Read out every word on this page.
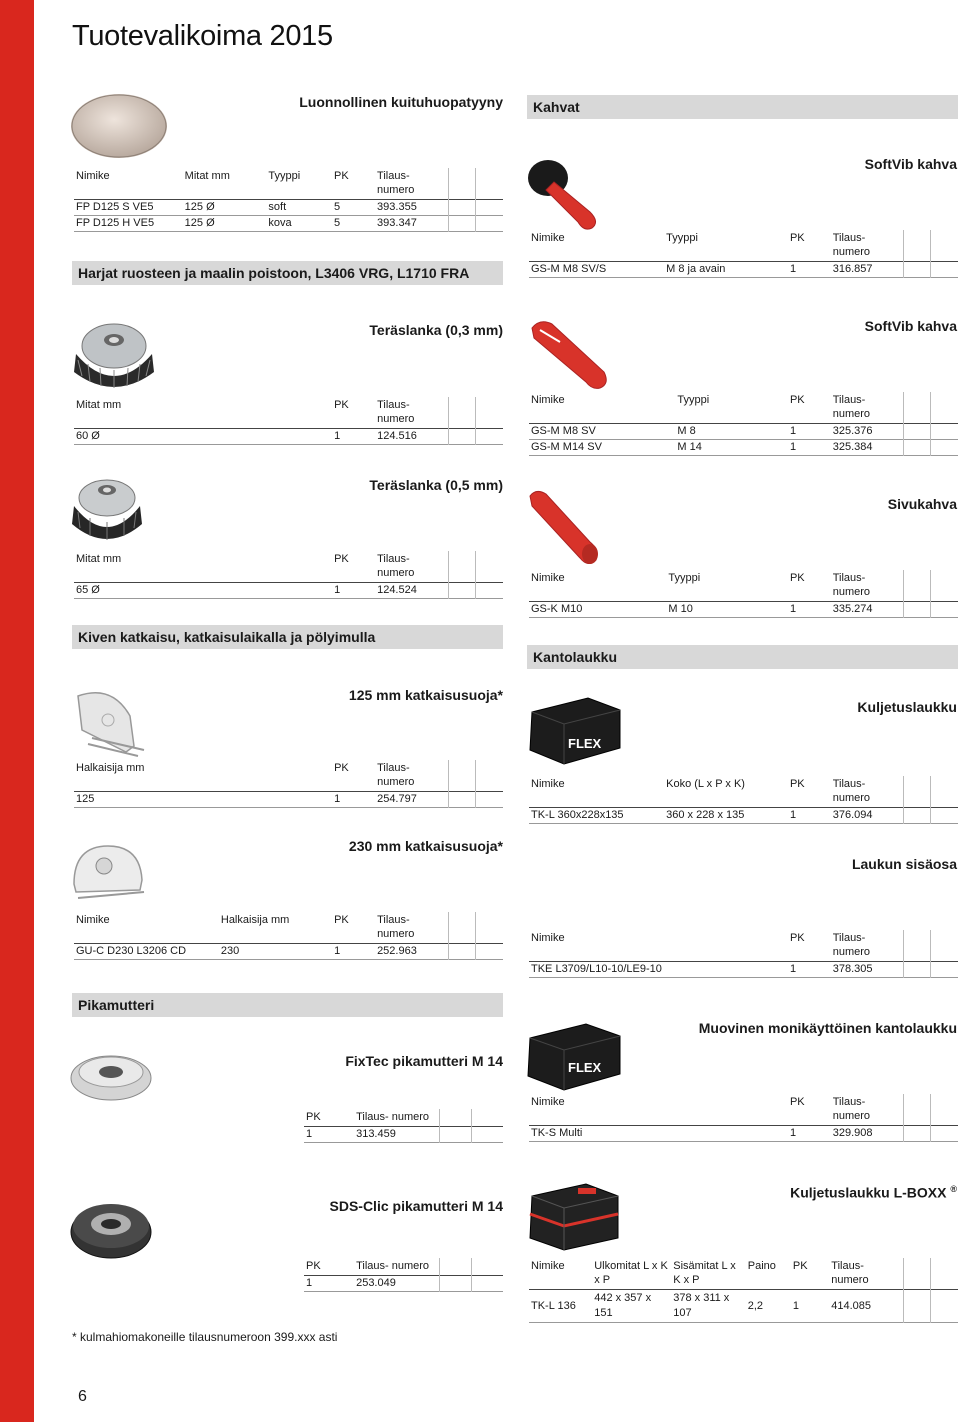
Tuotevalikoima 2015
Luonnollinen kuituhuopatyyny
Nimike	Mitat mm	Tyyppi	PK	Tilaus- numero		
FP D125 S VE5	125 Ø	soft	5	393.355		
FP D125 H VE5	125 Ø	kova	5	393.347		
Harjat ruosteen ja maalin poistoon, L3406 VRG, L1710 FRA
Teräslanka (0,3 mm)
Mitat mm	PK	Tilaus- numero		
60 Ø	1	124.516		
Teräslanka (0,5 mm)
Mitat mm	PK	Tilaus- numero		
65 Ø	1	124.524		
Kiven katkaisu, katkaisulaikalla ja pölyimulla
125 mm katkaisusuoja*
Halkaisija mm	PK	Tilaus- numero		
125	1	254.797		
230 mm katkaisusuoja*
Nimike	Halkaisija mm	PK	Tilaus- numero		
GU-C D230 L3206 CD	230	1	252.963		
Pikamutteri
FixTec pikamutteri M 14
PK	Tilaus- numero		
1	313.459		
SDS-Clic pikamutteri M 14
PK	Tilaus- numero		
1	253.049		
* kulmahiomakoneille tilausnumeroon 399.xxx asti
6
Kahvat
SoftVib kahva
Nimike	Tyyppi	PK	Tilaus- numero		
GS-M M8 SV/S	M 8 ja avain	1	316.857		
SoftVib kahva
Nimike	Tyyppi	PK	Tilaus- numero		
GS-M M8 SV	M 8	1	325.376		
GS-M M14 SV	M 14	1	325.384		
Sivukahva
Nimike	Tyyppi	PK	Tilaus- numero		
GS-K M10	M 10	1	335.274		
Kantolaukku
FLEX
Kuljetuslaukku
Nimike	Koko (L x P x K)	PK	Tilaus- numero		
TK-L 360x228x135	360 x 228 x 135	1	376.094		
Laukun sisäosa
Nimike	PK	Tilaus- numero		
TKE L3709/L10-10/LE9-10	1	378.305		
FLEX
Muovinen monikäyttöinen kantolaukku
Nimike	PK	Tilaus- numero		
TK-S Multi	1	329.908		
Kuljetuslaukku L-BOXX ®
Nimike	Ulkomitat L x K x P	Sisämitat L x K x P	Paino	PK	Tilaus- numero		
TK-L 136	442 x 357 x 151	378 x 311 x 107	2,2	1	414.085		
